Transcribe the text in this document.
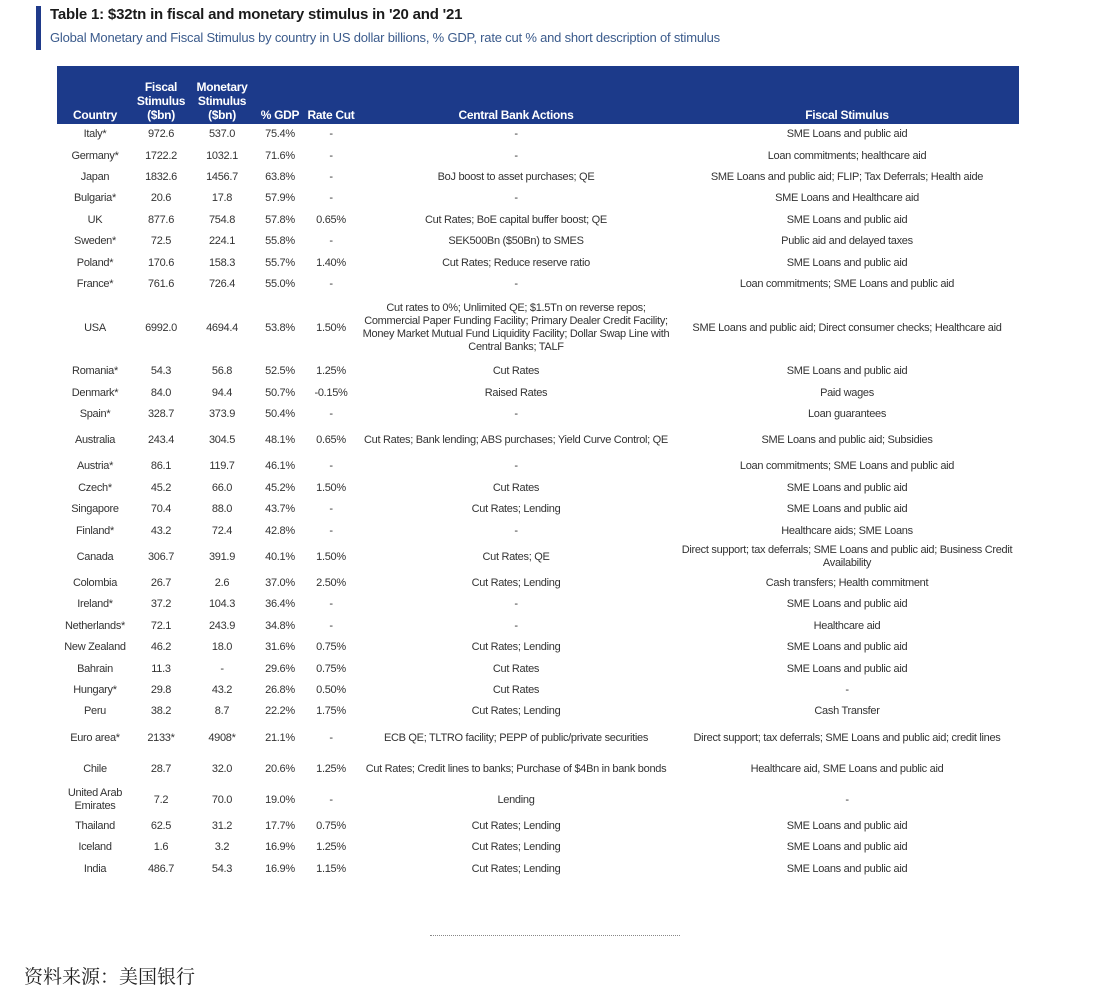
Table 1: $32tn in fiscal and monetary stimulus in '20 and '21
Global Monetary and Fiscal Stimulus by country in US dollar billions, % GDP, rate cut % and short description of stimulus
Country	Fiscal Stimulus ($bn)	Monetary Stimulus ($bn)	% GDP	Rate Cut	Central Bank Actions	Fiscal Stimulus
Italy*	972.6	537.0	75.4%	-	-	SME Loans and public aid
Germany*	1722.2	1032.1	71.6%	-	-	Loan commitments; healthcare aid
Japan	1832.6	1456.7	63.8%	-	BoJ boost to asset purchases; QE	SME Loans and public aid; FLIP; Tax Deferrals; Health aide
Bulgaria*	20.6	17.8	57.9%	-	-	SME Loans and Healthcare aid
UK	877.6	754.8	57.8%	0.65%	Cut Rates; BoE capital buffer boost; QE	SME Loans and public aid
Sweden*	72.5	224.1	55.8%	-	SEK500Bn ($50Bn) to SMES	Public aid and delayed taxes
Poland*	170.6	158.3	55.7%	1.40%	Cut Rates; Reduce reserve ratio	SME Loans and public aid
France*	761.6	726.4	55.0%	-	-	Loan commitments; SME Loans and public aid
USA	6992.0	4694.4	53.8%	1.50%	Cut rates to 0%; Unlimited QE; $1.5Tn on reverse repos; Commercial Paper Funding Facility; Primary Dealer Credit Facility; Money Market Mutual Fund Liquidity Facility; Dollar Swap Line with Central Banks; TALF	SME Loans and public aid; Direct consumer checks; Healthcare aid
Romania*	54.3	56.8	52.5%	1.25%	Cut Rates	SME Loans and public aid
Denmark*	84.0	94.4	50.7%	-0.15%	Raised Rates	Paid wages
Spain*	328.7	373.9	50.4%	-	-	Loan guarantees
Australia	243.4	304.5	48.1%	0.65%	Cut Rates; Bank lending; ABS purchases; Yield Curve Control; QE	SME Loans and public aid; Subsidies
Austria*	86.1	119.7	46.1%	-	-	Loan commitments; SME Loans and public aid
Czech*	45.2	66.0	45.2%	1.50%	Cut Rates	SME Loans and public aid
Singapore	70.4	88.0	43.7%	-	Cut Rates; Lending	SME Loans and public aid
Finland*	43.2	72.4	42.8%	-	-	Healthcare aids; SME Loans
Canada	306.7	391.9	40.1%	1.50%	Cut Rates; QE	Direct support; tax deferrals; SME Loans and public aid; Business Credit Availability
Colombia	26.7	2.6	37.0%	2.50%	Cut Rates; Lending	Cash transfers; Health commitment
Ireland*	37.2	104.3	36.4%	-	-	SME Loans and public aid
Netherlands*	72.1	243.9	34.8%	-	-	Healthcare aid
New Zealand	46.2	18.0	31.6%	0.75%	Cut Rates; Lending	SME Loans and public aid
Bahrain	11.3	-	29.6%	0.75%	Cut Rates	SME Loans and public aid
Hungary*	29.8	43.2	26.8%	0.50%	Cut Rates	-
Peru	38.2	8.7	22.2%	1.75%	Cut Rates; Lending	Cash Transfer
Euro area*	2133*	4908*	21.1%	-	ECB QE; TLTRO facility; PEPP of public/private securities	Direct support; tax deferrals; SME Loans and public aid; credit lines
Chile	28.7	32.0	20.6%	1.25%	Cut Rates; Credit lines to banks; Purchase of $4Bn in bank bonds	Healthcare aid, SME Loans and public aid
United Arab Emirates	7.2	70.0	19.0%	-	Lending	-
Thailand	62.5	31.2	17.7%	0.75%	Cut Rates; Lending	SME Loans and public aid
Iceland	1.6	3.2	16.9%	1.25%	Cut Rates; Lending	SME Loans and public aid
India	486.7	54.3	16.9%	1.15%	Cut Rates; Lending	SME Loans and public aid
资料来源：美国银行
